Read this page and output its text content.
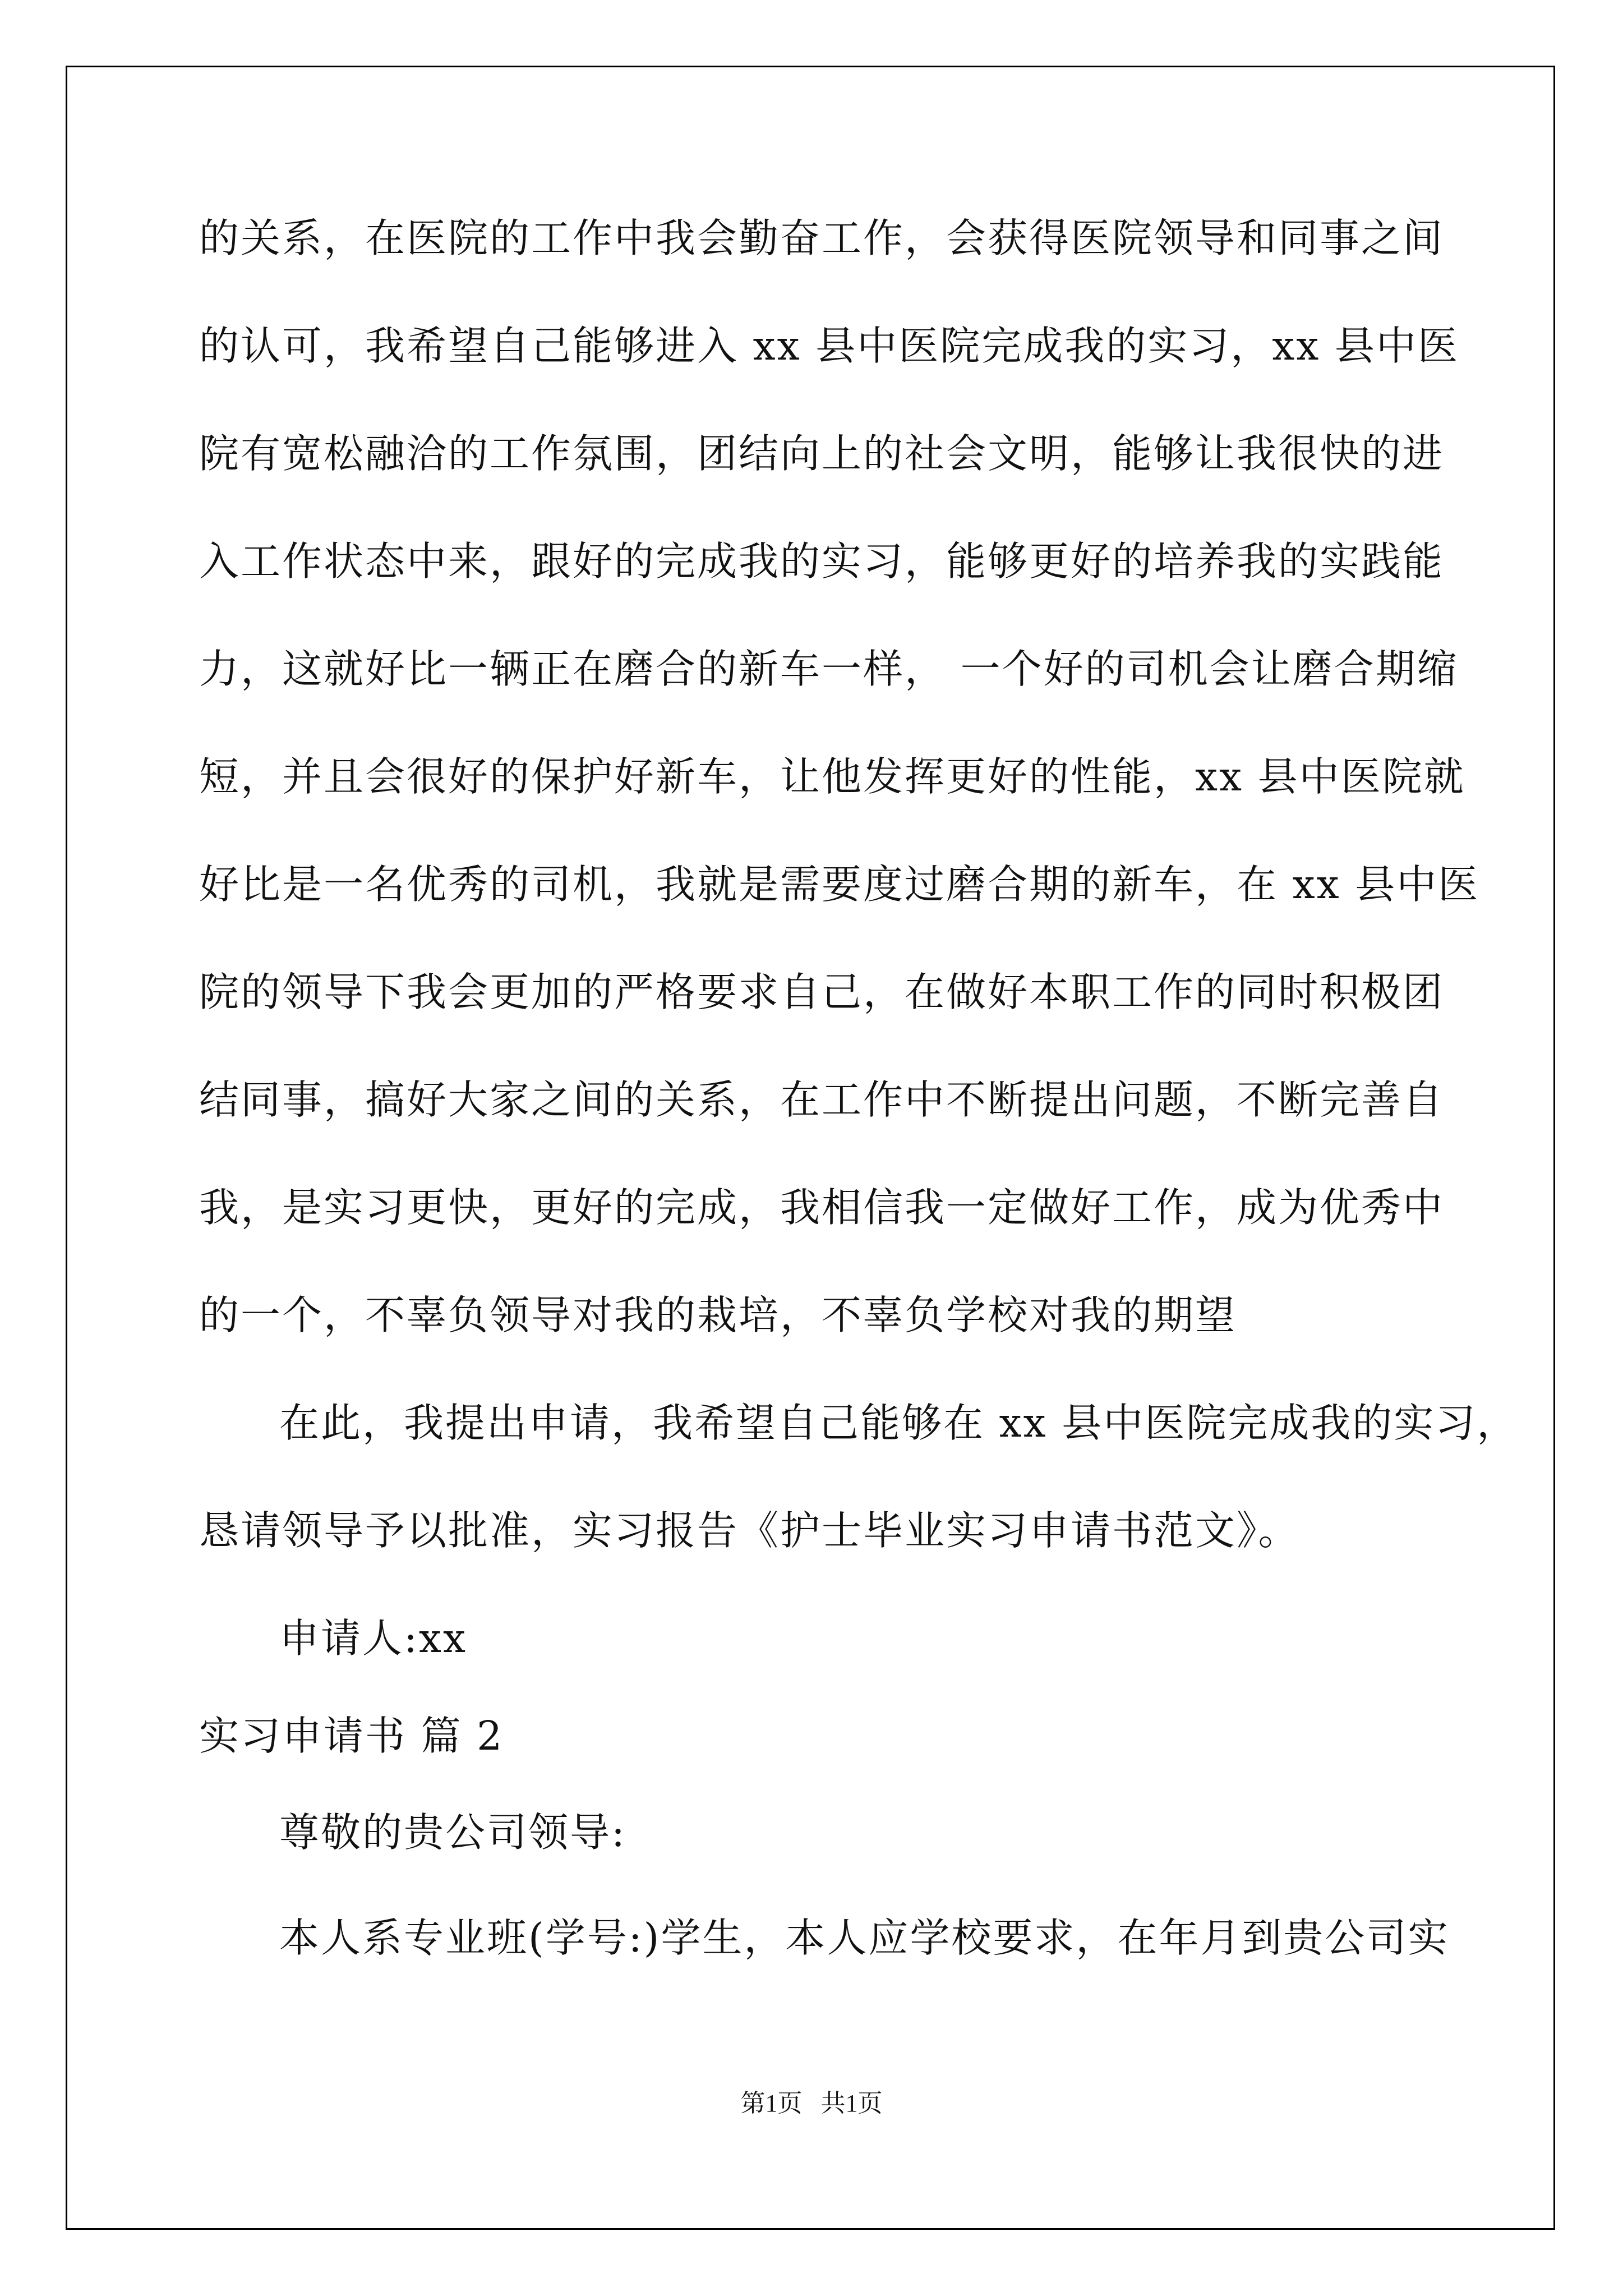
的关系，在医院的工作中我会勤奋工作，会获得医院领导和同事之间
的认可，我希望自己能够进入 xx 县中医院完成我的实习，xx 县中医
院有宽松融洽的工作氛围，团结向上的社会文明，能够让我很快的进
入工作状态中来，跟好的完成我的实习，能够更好的培养我的实践能
力，这就好比一辆正在磨合的新车一样， 一个好的司机会让磨合期缩
短，并且会很好的保护好新车，让他发挥更好的性能，xx 县中医院就
好比是一名优秀的司机，我就是需要度过磨合期的新车，在 xx 县中医
院的领导下我会更加的严格要求自己，在做好本职工作的同时积极团
结同事，搞好大家之间的关系，在工作中不断提出问题，不断完善自
我，是实习更快，更好的完成，我相信我一定做好工作，成为优秀中
的一个，不辜负领导对我的栽培，不辜负学校对我的期望
在此，我提出申请，我希望自己能够在 xx 县中医院完成我的实习，
恳请领导予以批准，实习报告《护士毕业实习申请书范文》。
申请人:xx
实习申请书 篇 2
尊敬的贵公司领导:
本人系专业班(学号:)学生，本人应学校要求，在年月到贵公司实
第1页   共1页
